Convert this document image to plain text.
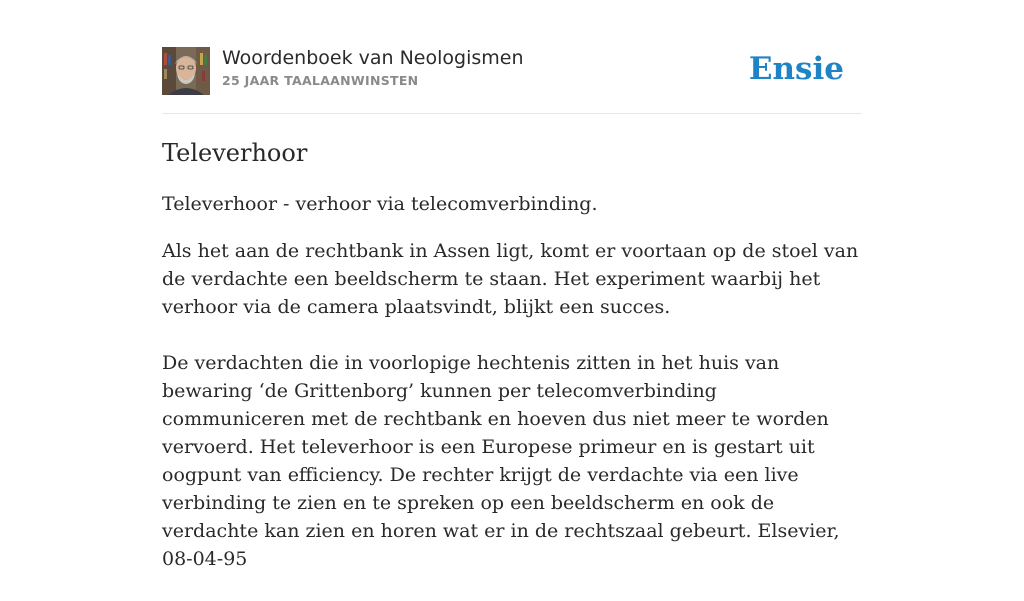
Woordenboek van Neologismen
25 JAAR TAALAANWINSTEN	Ensie
Televerhoor
Televerhoor - verhoor via telecomverbinding.

Als het aan de rechtbank in Assen ligt, komt er voortaan op de stoel van de verdachte een beeldscherm te staan. Het experiment waarbij het verhoor via de camera plaatsvindt, blijkt een succes.

De verdachten die in voorlopige hechtenis zitten in het huis van bewaring ‘de Grittenborg’ kunnen per telecomverbinding communiceren met de rechtbank en hoeven dus niet meer te worden vervoerd. Het televerhoor is een Europese primeur en is gestart uit oogpunt van efficiency. De rechter krijgt de verdachte via een live verbinding te zien en te spreken op een beeldscherm en ook de verdachte kan zien en horen wat er in de rechtszaal gebeurt. Elsevier, 08-04-95
